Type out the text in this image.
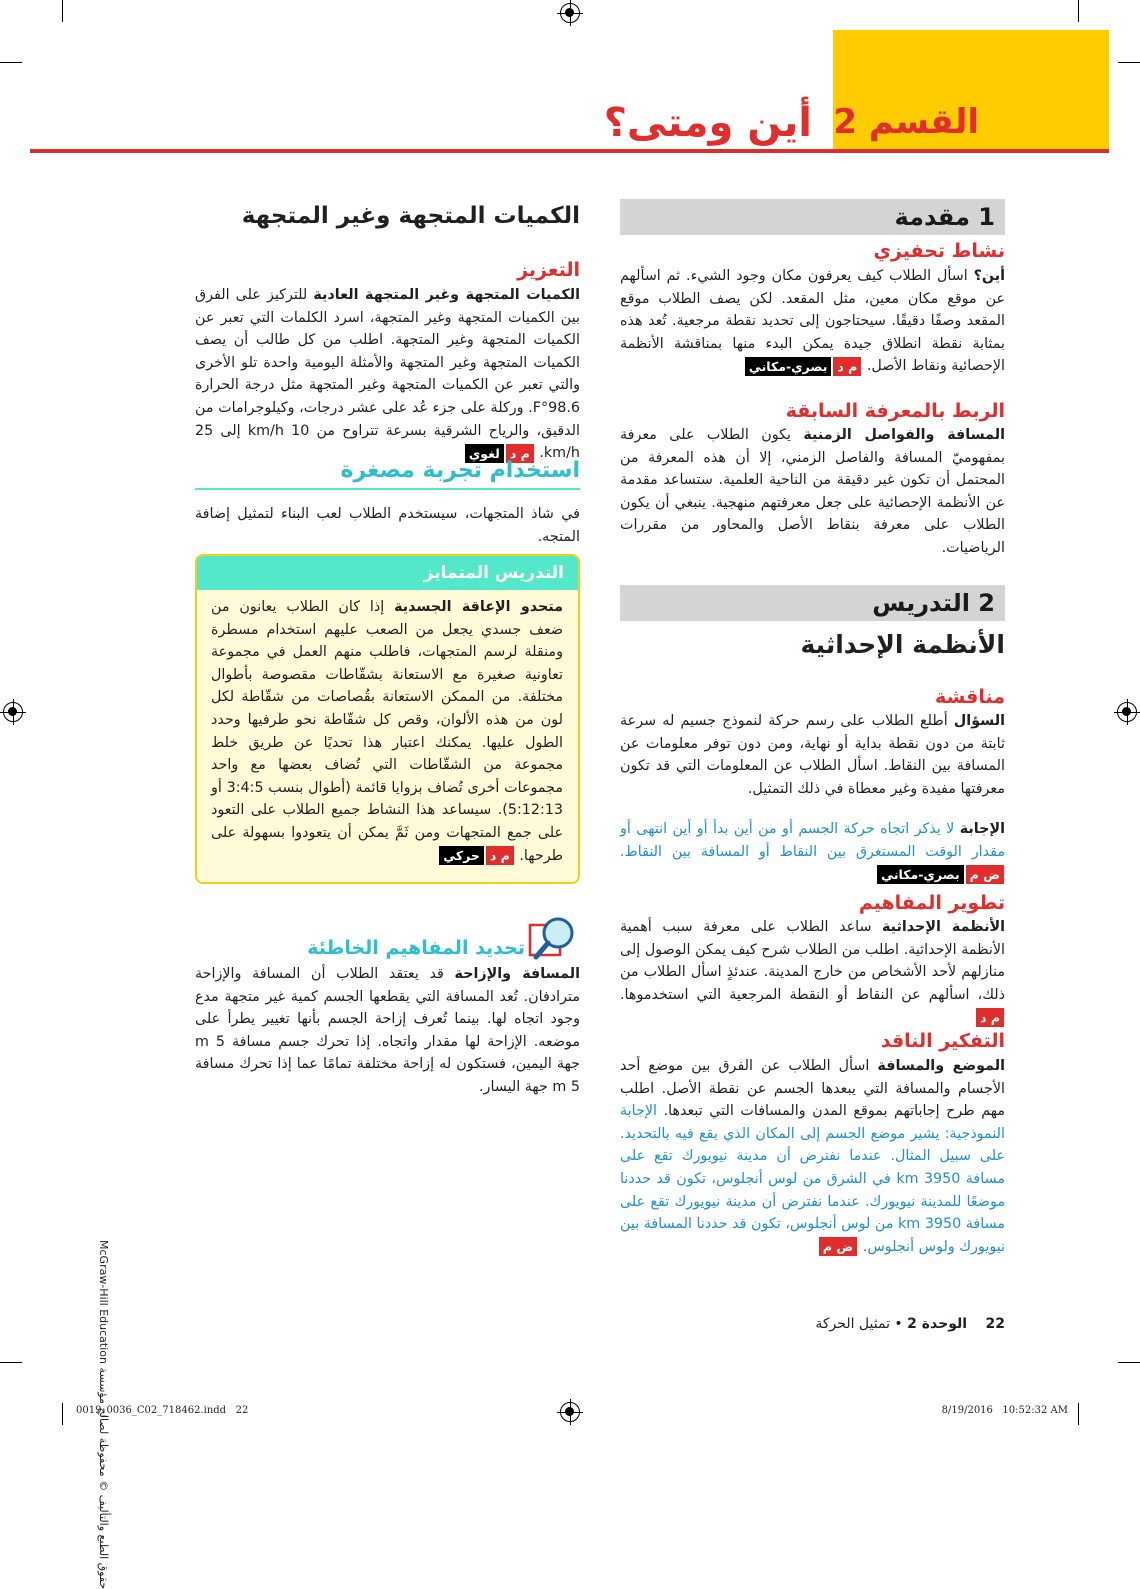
القسم 2
أين ومتى؟
1 مقدمة
نشاط تحفيزي
أين؟ اسأل الطلاب كيف يعرفون مكان وجود الشيء. ثم اسألهم عن موقع مكان معين، مثل المقعد. لكن يصف الطلاب موقع المقعد وصفًا دقيقًا. سيحتاجون إلى تحديد نقطة مرجعية. تُعد هذه بمثابة نقطة انطلاق جيدة يمكن البدء منها بمناقشة الأنظمة الإحصائية ونقاط الأصل. م دبصري-مكاني
الربط بالمعرفة السابقة
المسافة والفواصل الزمنية يكون الطلاب على معرفة بمفهوميّ المسافة والفاصل الزمني، إلا أن هذه المعرفة من المحتمل أن تكون غير دقيقة من الناحية العلمية. ستساعد مقدمة عن الأنظمة الإحصائية على جعل معرفتهم منهجية. ينبغي أن يكون الطلاب على معرفة بنقاط الأصل والمحاور من مقررات الرياضيات.
2 التدريس
الأنظمة الإحداثية
مناقشة
السؤال أطلع الطلاب على رسم حركة لنموذج جسيم له سرعة ثابتة من دون نقطة بداية أو نهاية، ومن دون توفر معلومات عن المسافة بين النقاط. اسأل الطلاب عن المعلومات التي قد تكون معرفتها مفيدة وغير معطاة في ذلك التمثيل.
الإجابة لا يذكر اتجاه حركة الجسم أو من أين بدأ أو أين انتهى أو مقدار الوقت المستغرق بين النقاط أو المسافة بين النقاط. ض مبصري-مكاني
تطوير المفاهيم
الأنظمة الإحداثية ساعد الطلاب على معرفة سبب أهمية الأنظمة الإحداثية. اطلب من الطلاب شرح كيف يمكن الوصول إلى منازلهم لأحد الأشخاص من خارج المدينة. عندئذٍ اسأل الطلاب من ذلك، اسألهم عن النقاط أو النقطة المرجعية التي استخدموها. م د
التفكير الناقد
الموضع والمسافة اسأل الطلاب عن الفرق بين موضع أحد الأجسام والمسافة التي يبعدها الجسم عن نقطة الأصل. اطلب مهم طرح إجاباتهم بموقع المدن والمسافات التي تبعدها. الإجابة النموذجية: يشير موضع الجسم إلى المكان الذي يقع فيه بالتحديد. على سبيل المثال. عندما نفترض أن مدينة نيويورك تقع على مسافة 3950 km في الشرق من لوس أنجلوس، تكون قد حددنا موضعًا للمدينة نيويورك. عندما نفترض أن مدينة نيويورك تقع على مسافة 3950 km من لوس أنجلوس، تكون قد حددنا المسافة بين نيويورك ولوس أنجلوس. ض م
الكميات المتجهة وغير المتجهة
التعزيز
الكميات المتجهة وغير المتجهة العادية للتركيز على الفرق بين الكميات المتجهة وغير المتجهة، اسرد الكلمات التي تعبر عن الكميات المتجهة وغير المتجهة. اطلب من كل طالب أن يصف الكميات المتجهة وغير المتجهة والأمثلة اليومية واحدة تلو الأخرى والتي تعبر عن الكميات المتجهة وغير المتجهة مثل درجة الحرارة 98.6°F. وركلة على جزء عُد على عشر درجات، وكيلوجرامات من الدقيق، والرياح الشرقية بسرعة تتراوح من 10 km/h إلى 25 km/h. م دلغوي
استخدام تجربة مصغرة
في شاذ المتجهات، سيستخدم الطلاب لعب البناء لتمثيل إضافة المتجه.
التدريس المتمايز
متحدو الإعاقة الجسدية إذا كان الطلاب يعانون من ضعف جسدي يجعل من الصعب عليهم استخدام مسطرة ومنقلة لرسم المتجهات، فاطلب منهم العمل في مجموعة تعاونية صغيرة مع الاستعانة بشقّاطات مقصوصة بأطوال مختلفة. من الممكن الاستعانة بقُصاصات من شقّاطة لكل لون من هذه الألوان، وقص كل شقّاطة نحو طرفيها وحدد الطول عليها. يمكنك اعتبار هذا تحديًا عن طريق خلط مجموعة من الشقّاطات التي تُضاف بعضها مع واحد مجموعات أخرى تُضاف بزوايا قائمة (أطوال بنسب 3:4:5 أو 5:12:13). سيساعد هذا النشاط جميع الطلاب على التعود على جمع المتجهات ومن ثَمَّ يمكن أن يتعودوا بسهولة على طرحها. م دحركي
تحديد المفاهيم الخاطئة
المسافة والإزاحة قد يعتقد الطلاب أن المسافة والإزاحة مترادفان. تُعد المسافة التي يقطعها الجسم كمية غير متجهة مدع وجود اتجاه لها. بينما تُعرف إزاحة الجسم بأنها تغيير يطرأ على موضعه. الإزاحة لها مقدار واتجاه. إذا تحرك جسم مسافة 5 m جهة اليمين، فستكون له إزاحة مختلفة تمامًا عما إذا تحرك مسافة 5 m جهة اليسار.
حقوق الطبع والتأليف © محفوظة لصالح مؤسسة McGraw-Hill Education	22 الوحدة 2 • تمثيل الحركة
0019_0036_C02_718462.indd   22	8/19/2016   10:52:32 AM
